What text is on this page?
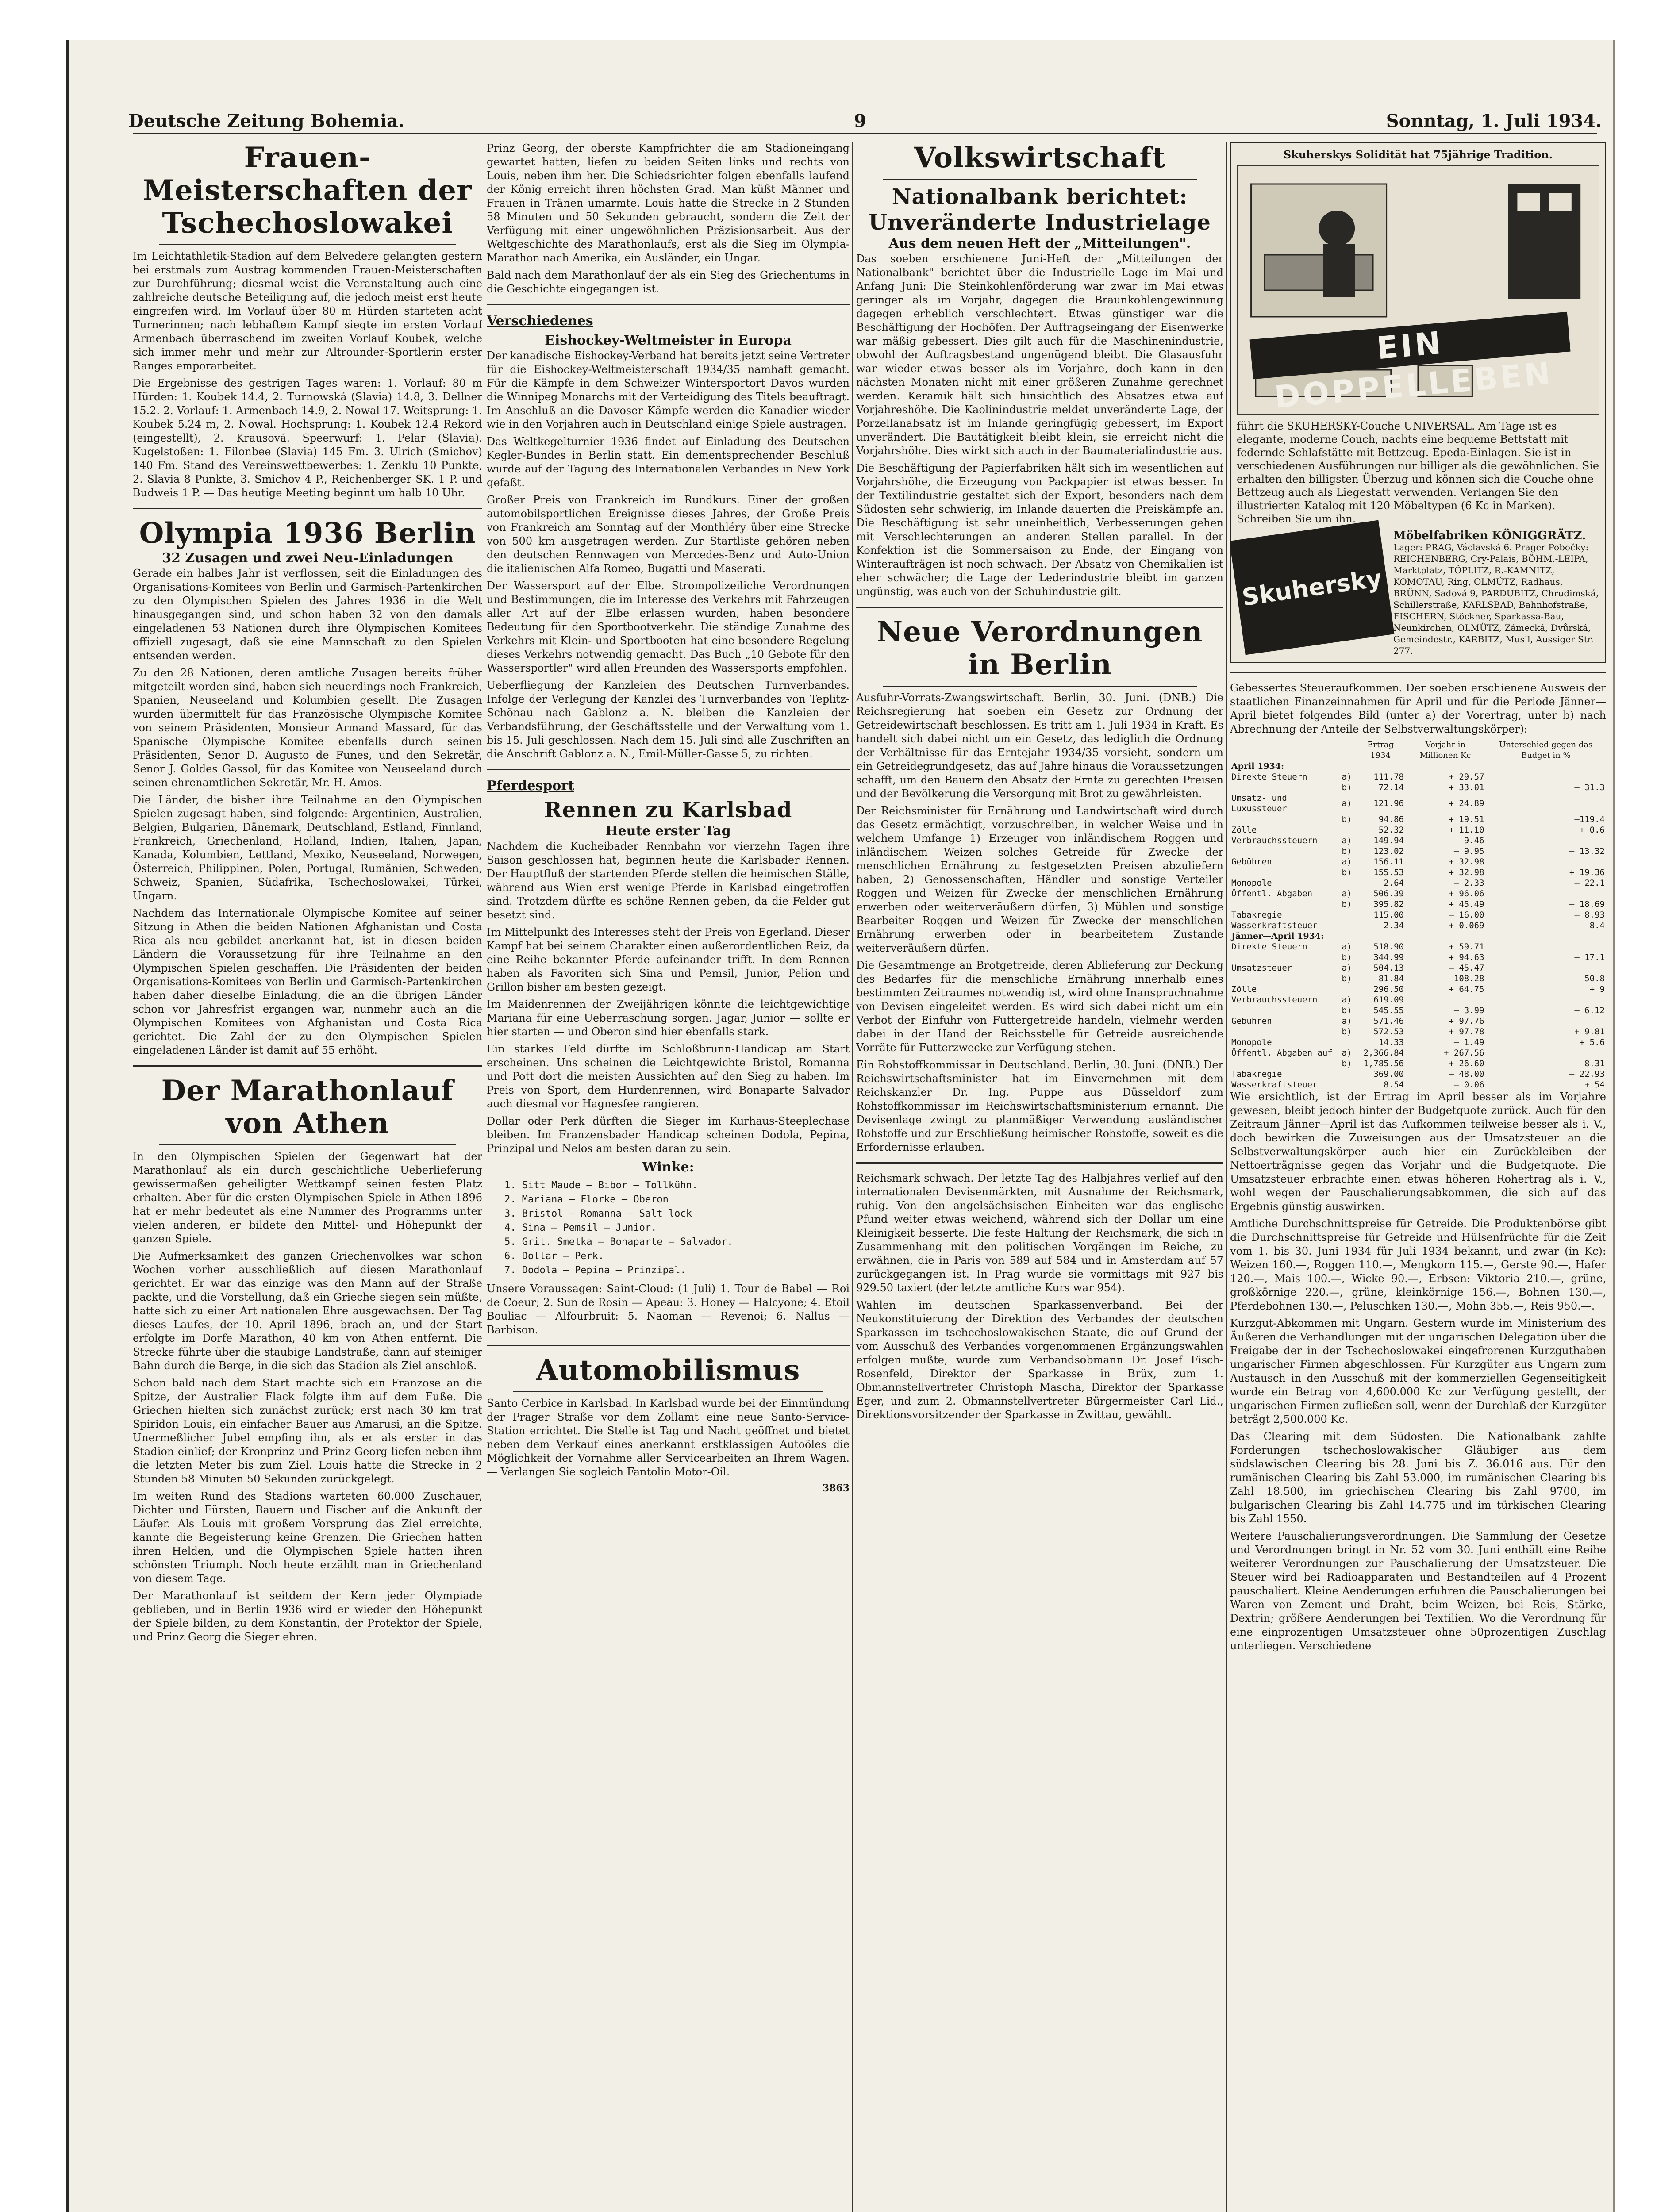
Deutsche Zeitung Bohemia.	9	Sonntag, 1. Juli 1934.
Frauen-Meisterschaften der Tschechoslowakei

Im Leichtathletik-Stadion auf dem Belvedere gelangten gestern bei erstmals zum Austrag kommenden Frauen-Meisterschaften zur Durchführung; diesmal weist die Veranstaltung auch eine zahlreiche deutsche Beteiligung auf, die jedoch meist erst heute eingreifen wird. Im Vorlauf über 80 m Hürden starteten acht Turnerinnen; nach lebhaftem Kampf siegte im ersten Vorlauf Armenbach überraschend im zweiten Vorlauf Koubek, welche sich immer mehr und mehr zur Altrounder-Sportlerin erster Ranges emporarbeitet.

Die Ergebnisse des gestrigen Tages waren: 1. Vorlauf: 80 m Hürden: 1. Koubek 14.4, 2. Turnowská (Slavia) 14.8, 3. Dellner 15.2. 2. Vorlauf: 1. Armenbach 14.9, 2. Nowal 17. Weitsprung: 1. Koubek 5.24 m, 2. Nowal. Hochsprung: 1. Koubek 12.4 Rekord (eingestellt), 2. Krausová. Speerwurf: 1. Pelar (Slavia). Kugelstoßen: 1. Filonbee (Slavia) 145 Fm. 3. Ulrich (Smichov) 140 Fm. Stand des Vereinswettbewerbes: 1. Zenklu 10 Punkte, 2. Slavia 8 Punkte, 3. Smichov 4 P., Reichenberger SK. 1 P. und Budweis 1 P. — Das heutige Meeting beginnt um halb 10 Uhr.

Olympia 1936 Berlin
32 Zusagen und zwei Neu-Einladungen

Gerade ein halbes Jahr ist verflossen, seit die Einladungen des Organisations-Komitees von Berlin und Garmisch-Partenkirchen zu den Olympischen Spielen des Jahres 1936 in die Welt hinausgegangen sind, und schon haben 32 von den damals eingeladenen 53 Nationen durch ihre Olympischen Komitees offiziell zugesagt, daß sie eine Mannschaft zu den Spielen entsenden werden.

Zu den 28 Nationen, deren amtliche Zusagen bereits früher mitgeteilt worden sind, haben sich neuerdings noch Frankreich, Spanien, Neuseeland und Kolumbien gesellt. Die Zusagen wurden übermittelt für das Französische Olympische Komitee von seinem Präsidenten, Monsieur Armand Massard, für das Spanische Olympische Komitee ebenfalls durch seinen Präsidenten, Senor D. Augusto de Funes, und den Sekretär, Senor J. Goldes Gassol, für das Komitee von Neuseeland durch seinen ehrenamtlichen Sekretär, Mr. H. Amos.

Die Länder, die bisher ihre Teilnahme an den Olympischen Spielen zugesagt haben, sind folgende: Argentinien, Australien, Belgien, Bulgarien, Dänemark, Deutschland, Estland, Finnland, Frankreich, Griechenland, Holland, Indien, Italien, Japan, Kanada, Kolumbien, Lettland, Mexiko, Neuseeland, Norwegen, Österreich, Philippinen, Polen, Portugal, Rumänien, Schweden, Schweiz, Spanien, Südafrika, Tschechoslowakei, Türkei, Ungarn.

Nachdem das Internationale Olympische Komitee auf seiner Sitzung in Athen die beiden Nationen Afghanistan und Costa Rica als neu gebildet anerkannt hat, ist in diesen beiden Ländern die Voraussetzung für ihre Teilnahme an den Olympischen Spielen geschaffen. Die Präsidenten der beiden Organisations-Komitees von Berlin und Garmisch-Partenkirchen haben daher dieselbe Einladung, die an die übrigen Länder schon vor Jahresfrist ergangen war, nunmehr auch an die Olympischen Komitees von Afghanistan und Costa Rica gerichtet. Die Zahl der zu den Olympischen Spielen eingeladenen Länder ist damit auf 55 erhöht.

Der Marathonlauf von Athen

In den Olympischen Spielen der Gegenwart hat der Marathonlauf als ein durch geschichtliche Ueberlieferung gewissermaßen geheiligter Wettkampf seinen festen Platz erhalten. Aber für die ersten Olympischen Spiele in Athen 1896 hat er mehr bedeutet als eine Nummer des Programms unter vielen anderen, er bildete den Mittel- und Höhepunkt der ganzen Spiele.

Die Aufmerksamkeit des ganzen Griechenvolkes war schon Wochen vorher ausschließlich auf diesen Marathonlauf gerichtet. Er war das einzige was den Mann auf der Straße packte, und die Vorstellung, daß ein Grieche siegen sein müßte, hatte sich zu einer Art nationalen Ehre ausgewachsen. Der Tag dieses Laufes, der 10. April 1896, brach an, und der Start erfolgte im Dorfe Marathon, 40 km von Athen entfernt. Die Strecke führte über die staubige Landstraße, dann auf steiniger Bahn durch die Berge, in die sich das Stadion als Ziel anschloß.

Schon bald nach dem Start machte sich ein Franzose an die Spitze, der Australier Flack folgte ihm auf dem Fuße. Die Griechen hielten sich zunächst zurück; erst nach 30 km trat Spiridon Louis, ein einfacher Bauer aus Amarusi, an die Spitze. Unermeßlicher Jubel empfing ihn, als er als erster in das Stadion einlief; der Kronprinz und Prinz Georg liefen neben ihm die letzten Meter bis zum Ziel. Louis hatte die Strecke in 2 Stunden 58 Minuten 50 Sekunden zurückgelegt.

Im weiten Rund des Stadions warteten 60.000 Zuschauer, Dichter und Fürsten, Bauern und Fischer auf die Ankunft der Läufer. Als Louis mit großem Vorsprung das Ziel erreichte, kannte die Begeisterung keine Grenzen. Die Griechen hatten ihren Helden, und die Olympischen Spiele hatten ihren schönsten Triumph. Noch heute erzählt man in Griechenland von diesem Tage.

Der Marathonlauf ist seitdem der Kern jeder Olympiade geblieben, und in Berlin 1936 wird er wieder den Höhepunkt der Spiele bilden, zu dem Konstantin, der Protektor der Spiele, und Prinz Georg die Sieger ehren.

Prinz Georg, der oberste Kampfrichter die am Stadioneingang gewartet hatten, liefen zu beiden Seiten links und rechts von Louis, neben ihm her. Die Schiedsrichter folgen ebenfalls laufend der König erreicht ihren höchsten Grad. Man küßt Männer und Frauen in Tränen umarmte. Louis hatte die Strecke in 2 Stunden 58 Minuten und 50 Sekunden gebraucht, sondern die Zeit der Verfügung mit einer ungewöhnlichen Präzisionsarbeit. Aus der Weltgeschichte des Marathonlaufs, erst als die Sieg im Olympia-Marathon nach Amerika, ein Ausländer, ein Ungar.

Bald nach dem Marathonlauf der als ein Sieg des Griechentums in die Geschichte eingegangen ist.

Verschiedenes
Eishockey-Weltmeister in Europa

Der kanadische Eishockey-Verband hat bereits jetzt seine Vertreter für die Eishockey-Weltmeisterschaft 1934/35 namhaft gemacht. Für die Kämpfe in dem Schweizer Wintersportort Davos wurden die Winnipeg Monarchs mit der Verteidigung des Titels beauftragt. Im Anschluß an die Davoser Kämpfe werden die Kanadier wieder wie in den Vorjahren auch in Deutschland einige Spiele austragen.

Das Weltkegelturnier 1936 findet auf Einladung des Deutschen Kegler-Bundes in Berlin statt. Ein dementsprechender Beschluß wurde auf der Tagung des Internationalen Verbandes in New York gefaßt.

Großer Preis von Frankreich im Rundkurs. Einer der großen automobilsportlichen Ereignisse dieses Jahres, der Große Preis von Frankreich am Sonntag auf der Monthléry über eine Strecke von 500 km ausgetragen werden. Zur Startliste gehören neben den deutschen Rennwagen von Mercedes-Benz und Auto-Union die italienischen Alfa Romeo, Bugatti und Maserati.

Der Wassersport auf der Elbe. Strompolizeiliche Verordnungen und Bestimmungen, die im Interesse des Verkehrs mit Fahrzeugen aller Art auf der Elbe erlassen wurden, haben besondere Bedeutung für den Sportbootverkehr. Die ständige Zunahme des Verkehrs mit Klein- und Sportbooten hat eine besondere Regelung dieses Verkehrs notwendig gemacht. Das Buch „10 Gebote für den Wassersportler" wird allen Freunden des Wassersports empfohlen.

Ueberfliegung der Kanzleien des Deutschen Turnverbandes. Infolge der Verlegung der Kanzlei des Turnverbandes von Teplitz-Schönau nach Gablonz a. N. bleiben die Kanzleien der Verbandsführung, der Geschäftsstelle und der Verwaltung vom 1. bis 15. Juli geschlossen. Nach dem 15. Juli sind alle Zuschriften an die Anschrift Gablonz a. N., Emil-Müller-Gasse 5, zu richten.

Pferdesport
Rennen zu Karlsbad
Heute erster Tag

Nachdem die Kucheibader Rennbahn vor vierzehn Tagen ihre Saison geschlossen hat, beginnen heute die Karlsbader Rennen. Der Hauptfluß der startenden Pferde stellen die heimischen Ställe, während aus Wien erst wenige Pferde in Karlsbad eingetroffen sind. Trotzdem dürfte es schöne Rennen geben, da die Felder gut besetzt sind.

Im Mittelpunkt des Interesses steht der Preis von Egerland. Dieser Kampf hat bei seinem Charakter einen außerordentlichen Reiz, da eine Reihe bekannter Pferde aufeinander trifft. In dem Rennen haben als Favoriten sich Sina und Pemsil, Junior, Pelion und Grillon bisher am besten gezeigt.

Im Maidenrennen der Zweijährigen könnte die leichtgewichtige Mariana für eine Ueberraschung sorgen. Jagar, Junior — sollte er hier starten — und Oberon sind hier ebenfalls stark.

Ein starkes Feld dürfte im Schloßbrunn-Handicap am Start erscheinen. Uns scheinen die Leichtgewichte Bristol, Romanna und Pott dort die meisten Aussichten auf den Sieg zu haben. Im Preis von Sport, dem Hurdenrennen, wird Bonaparte Salvador auch diesmal vor Hagnesfee rangieren.

Dollar oder Perk dürften die Sieger im Kurhaus-Steeplechase bleiben. Im Franzensbader Handicap scheinen Dodola, Pepina, Prinzipal und Nelos am besten daran zu sein.

Winke:
1. Sitt Maude — Bibor — Tollkühn.
2. Mariana — Florke — Oberon
3. Bristol — Romanna — Salt lock
4. Sina — Pemsil — Junior.
5. Grit. Smetka — Bonaparte — Salvador.
6. Dollar — Perk.
7. Dodola — Pepina — Prinzipal.

Unsere Voraussagen: Saint-Cloud: (1 Juli) 1. Tour de Babel — Roi de Coeur; 2. Sun de Rosin — Apeau: 3. Honey — Halcyone; 4. Etoil Bouliac — Alfourbruit: 5. Naoman — Revenoi; 6. Nallus — Barbison.

Automobilismus

Santo Cerbice in Karlsbad. In Karlsbad wurde bei der Einmündung der Prager Straße vor dem Zollamt eine neue Santo-Service-Station errichtet. Die Stelle ist Tag und Nacht geöffnet und bietet neben dem Verkauf eines anerkannt erstklassigen Autoöles die Möglichkeit der Vornahme aller Servicearbeiten an Ihrem Wagen. — Verlangen Sie sogleich Fantolin Motor-Oil.

3863
Volkswirtschaft
Nationalbank berichtet: Unveränderte Industrielage
Aus dem neuen Heft der „Mitteilungen".

Das soeben erschienene Juni-Heft der „Mitteilungen der Nationalbank" berichtet über die Industrielle Lage im Mai und Anfang Juni: Die Steinkohlenförderung war zwar im Mai etwas geringer als im Vorjahr, dagegen die Braunkohlengewinnung dagegen erheblich verschlechtert. Etwas günstiger war die Beschäftigung der Hochöfen. Der Auftragseingang der Eisenwerke war mäßig gebessert. Dies gilt auch für die Maschinenindustrie, obwohl der Auftragsbestand ungenügend bleibt. Die Glasausfuhr war wieder etwas besser als im Vorjahre, doch kann in den nächsten Monaten nicht mit einer größeren Zunahme gerechnet werden. Keramik hält sich hinsichtlich des Absatzes etwa auf Vorjahreshöhe. Die Kaolinindustrie meldet unveränderte Lage, der Porzellanabsatz ist im Inlande geringfügig gebessert, im Export unverändert. Die Bautätigkeit bleibt klein, sie erreicht nicht die Vorjahrshöhe. Dies wirkt sich auch in der Baumaterialindustrie aus.

Die Beschäftigung der Papierfabriken hält sich im wesentlichen auf Vorjahrshöhe, die Erzeugung von Packpapier ist etwas besser. In der Textilindustrie gestaltet sich der Export, besonders nach dem Südosten sehr schwierig, im Inlande dauerten die Preiskämpfe an. Die Beschäftigung ist sehr uneinheitlich, Verbesserungen gehen mit Verschlechterungen an anderen Stellen parallel. In der Konfektion ist die Sommersaison zu Ende, der Eingang von Winteraufträgen ist noch schwach. Der Absatz von Chemikalien ist eher schwächer; die Lage der Lederindustrie bleibt im ganzen ungünstig, was auch von der Schuhindustrie gilt.

Neue Verordnungen in Berlin

Ausfuhr-Vorrats-Zwangswirtschaft. Berlin, 30. Juni. (DNB.) Die Reichsregierung hat soeben ein Gesetz zur Ordnung der Getreidewirtschaft beschlossen. Es tritt am 1. Juli 1934 in Kraft. Es handelt sich dabei nicht um ein Gesetz, das lediglich die Ordnung der Verhältnisse für das Erntejahr 1934/35 vorsieht, sondern um ein Getreidegrundgesetz, das auf Jahre hinaus die Voraussetzungen schafft, um den Bauern den Absatz der Ernte zu gerechten Preisen und der Bevölkerung die Versorgung mit Brot zu gewährleisten.

Der Reichsminister für Ernährung und Landwirtschaft wird durch das Gesetz ermächtigt, vorzuschreiben, in welcher Weise und in welchem Umfange 1) Erzeuger von inländischem Roggen und inländischem Weizen solches Getreide für Zwecke der menschlichen Ernährung zu festgesetzten Preisen abzuliefern haben, 2) Genossenschaften, Händler und sonstige Verteiler Roggen und Weizen für Zwecke der menschlichen Ernährung erwerben oder weiterveräußern dürfen, 3) Mühlen und sonstige Bearbeiter Roggen und Weizen für Zwecke der menschlichen Ernährung erwerben oder in bearbeitetem Zustande weiterveräußern dürfen.

Die Gesamtmenge an Brotgetreide, deren Ablieferung zur Deckung des Bedarfes für die menschliche Ernährung innerhalb eines bestimmten Zeitraumes notwendig ist, wird ohne Inanspruchnahme von Devisen eingeleitet werden. Es wird sich dabei nicht um ein Verbot der Einfuhr von Futtergetreide handeln, vielmehr werden dabei in der Hand der Reichsstelle für Getreide ausreichende Vorräte für Futterzwecke zur Verfügung stehen.

Ein Rohstoffkommissar in Deutschland. Berlin, 30. Juni. (DNB.) Der Reichswirtschaftsminister hat im Einvernehmen mit dem Reichskanzler Dr. Ing. Puppe aus Düsseldorf zum Rohstoffkommissar im Reichswirtschaftsministerium ernannt. Die Devisenlage zwingt zu planmäßiger Verwendung ausländischer Rohstoffe und zur Erschließung heimischer Rohstoffe, soweit es die Erfordernisse erlauben.

Reichsmark schwach. Der letzte Tag des Halbjahres verlief auf den internationalen Devisenmärkten, mit Ausnahme der Reichsmark, ruhig. Von den angelsächsischen Einheiten war das englische Pfund weiter etwas weichend, während sich der Dollar um eine Kleinigkeit besserte. Die feste Haltung der Reichsmark, die sich in Zusammenhang mit den politischen Vorgängen im Reiche, zu erwähnen, die in Paris von 589 auf 584 und in Amsterdam auf 57 zurückgegangen ist. In Prag wurde sie vormittags mit 927 bis 929.50 taxiert (der letzte amtliche Kurs war 954).

Wahlen im deutschen Sparkassenverband. Bei der Neukonstituierung der Direktion des Verbandes der deutschen Sparkassen im tschechoslowakischen Staate, die auf Grund der vom Ausschuß des Verbandes vorgenommenen Ergänzungswahlen erfolgen mußte, wurde zum Verbandsobmann Dr. Josef Fisch-Rosenfeld, Direktor der Sparkasse in Brüx, zum 1. Obmannstellvertreter Christoph Mascha, Direktor der Sparkasse Eger, und zum 2. Obmannstellvertreter Bürgermeister Carl Lid., Direktionsvorsitzender der Sparkasse in Zwittau, gewählt.

Skuherskys Solidität hat 75jährige Tradition.
EIN DOPPELLEBEN
führt die SKUHERSKY-Couche UNIVERSAL. Am Tage ist es elegante, moderne Couch, nachts eine bequeme Bettstatt mit federnde Schlafstätte mit Bettzeug. Epeda-Einlagen. Sie ist in verschiedenen Ausführungen nur billiger als die gewöhnlichen. Sie erhalten den billigsten Überzug und können sich die Couche ohne Bettzeug auch als Liegestatt verwenden. Verlangen Sie den illustrierten Katalog mit 120 Möbeltypen (6 Kc in Marken). Schreiben Sie um ihn.
Skuhersky
Möbelfabriken KÖNIGGRÄTZ.
Lager: PRAG, Václavská 6. Prager Pobočky: REICHENBERG, Cry-Palais, BÖHM.-LEIPA, Marktplatz, TÖPLITZ, R.-KAMNITZ, KOMOTAU, Ring, OLMÜTZ, Radhaus, BRÜNN, Sadová 9, PARDUBITZ, Chrudimská, Schillerstraße, KARLSBAD, Bahnhofstraße, FISCHERN, Stöckner, Sparkassa-Bau, Neunkirchen, OLMÜTZ, Zámecká, Dvůrská, Gemeindestr., KARBITZ, Musil, Aussiger Str. 277.

Gebessertes Steueraufkommen. Der soeben erschienene Ausweis der staatlichen Finanzeinnahmen für April und für die Periode Jänner—April bietet folgendes Bild (unter a) der Vorertrag, unter b) nach Abrechnung der Anteile der Selbstverwaltungskörper):

			Ertrag 1934	Vorjahr in Millionen Kc	Unterschied gegen das Budget in %
April 1934:					
Direkte Steuern	a)		111.78	+ 29.57	
	b)		72.14	+ 33.01	— 31.3
Umsatz- und Luxussteuer	a)		121.96	+ 24.89	
	b)		94.86	+ 19.51	—119.4
Zölle			52.32	+ 11.10	+ 0.6
Verbrauchssteuern	a)		149.94	— 9.46	
	b)		123.02	— 9.95	— 13.32
Gebühren	a)		156.11	+ 32.98	
	b)		155.53	+ 32.98	+ 19.36
Monopole			2.64	— 2.33	— 22.1
Öffentl. Abgaben	a)		506.39	+ 96.06	
	b)		395.82	+ 45.49	— 18.69
Tabakregie			115.00	— 16.00	— 8.93
Wasserkraftsteuer			2.34	+ 0.069	— 8.4
Jänner—April 1934:					
Direkte Steuern	a)		518.90	+ 59.71	
	b)		344.99	+ 94.63	— 17.1
Umsatzsteuer	a)		504.13	— 45.47	
	b)		81.84	— 108.28	— 50.8
Zölle			296.50	+ 64.75	+ 9
Verbrauchssteuern	a)		619.09		
	b)		545.55	— 3.99	— 6.12
Gebühren	a)		571.46	+ 97.76	
	b)		572.53	+ 97.78	+ 9.81
Monopole			14.33	— 1.49	+ 5.6
Öffentl. Abgaben auf	a)		2,366.84	+ 267.56	
	b)		1,785.56	+ 26.60	— 8.31
Tabakregie			369.00	— 48.00	— 22.93
Wasserkraftsteuer			8.54	— 0.06	+ 54

Wie ersichtlich, ist der Ertrag im April besser als im Vorjahre gewesen, bleibt jedoch hinter der Budgetquote zurück. Auch für den Zeitraum Jänner—April ist das Aufkommen teilweise besser als i. V., doch bewirken die Zuweisungen aus der Umsatzsteuer an die Selbstverwaltungskörper auch hier ein Zurückbleiben der Nettoerträgnisse gegen das Vorjahr und die Budgetquote. Die Umsatzsteuer erbrachte einen etwas höheren Rohertrag als i. V., wohl wegen der Pauschalierungsabkommen, die sich auf das Ergebnis günstig auswirken.

Amtliche Durchschnittspreise für Getreide. Die Produktenbörse gibt die Durchschnittspreise für Getreide und Hülsenfrüchte für die Zeit vom 1. bis 30. Juni 1934 für Juli 1934 bekannt, und zwar (in Kc): Weizen 160.—, Roggen 110.—, Mengkorn 115.—, Gerste 90.—, Hafer 120.—, Mais 100.—, Wicke 90.—, Erbsen: Viktoria 210.—, grüne, großkörnige 220.—, grüne, kleinkörnige 156.—, Bohnen 130.—, Pferdebohnen 130.—, Peluschken 130.—, Mohn 355.—, Reis 950.—.

Kurzgut-Abkommen mit Ungarn. Gestern wurde im Ministerium des Äußeren die Verhandlungen mit der ungarischen Delegation über die Freigabe der in der Tschechoslowakei eingefrorenen Kurzguthaben ungarischer Firmen abgeschlossen. Für Kurzgüter aus Ungarn zum Austausch in den Ausschuß mit der kommerziellen Gegenseitigkeit wurde ein Betrag von 4,600.000 Kc zur Verfügung gestellt, der ungarischen Firmen zufließen soll, wenn der Durchlaß der Kurzgüter beträgt 2,500.000 Kc.

Das Clearing mit dem Südosten. Die Nationalbank zahlte Forderungen tschechoslowakischer Gläubiger aus dem südslawischen Clearing bis 28. Juni bis Z. 36.016 aus. Für den rumänischen Clearing bis Zahl 53.000, im rumänischen Clearing bis Zahl 18.500, im griechischen Clearing bis Zahl 9700, im bulgarischen Clearing bis Zahl 14.775 und im türkischen Clearing bis Zahl 1550.

Weitere Pauschalierungsverordnungen. Die Sammlung der Gesetze und Verordnungen bringt in Nr. 52 vom 30. Juni enthält eine Reihe weiterer Verordnungen zur Pauschalierung der Umsatzsteuer. Die Steuer wird bei Radioapparaten und Bestandteilen auf 4 Prozent pauschaliert. Kleine Aenderungen erfuhren die Pauschalierungen bei Waren von Zement und Draht, beim Weizen, bei Reis, Stärke, Dextrin; größere Aenderungen bei Textilien. Wo die Verordnung für eine einprozentigen Umsatzsteuer ohne 50prozentigen Zuschlag unterliegen. Verschiedene
